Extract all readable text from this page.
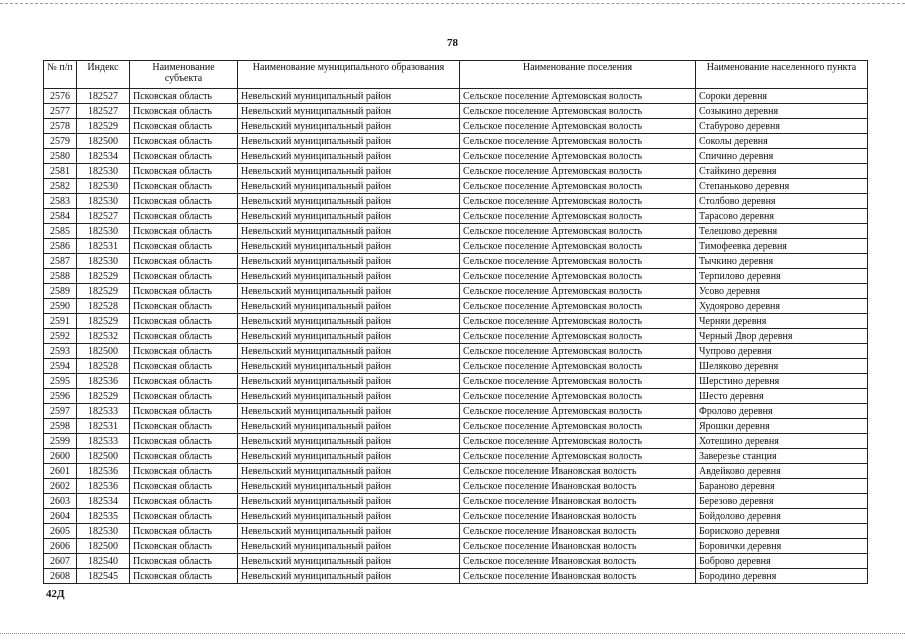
78
№ п/п	Индекс	Наименование субъекта	Наименование муниципального образования	Наименование поселения	Наименование населенного пункта
2576	182527	Псковская область	Невельский муниципальный район	Сельское поселение Артемовская волость	Сороки деревня
2577	182527	Псковская область	Невельский муниципальный район	Сельское поселение Артемовская волость	Созыкино деревня
2578	182529	Псковская область	Невельский муниципальный район	Сельское поселение Артемовская волость	Стабурово деревня
2579	182500	Псковская область	Невельский муниципальный район	Сельское поселение Артемовская волость	Соколы деревня
2580	182534	Псковская область	Невельский муниципальный район	Сельское поселение Артемовская волость	Спичино деревня
2581	182530	Псковская область	Невельский муниципальный район	Сельское поселение Артемовская волость	Стайкино деревня
2582	182530	Псковская область	Невельский муниципальный район	Сельское поселение Артемовская волость	Степаньково деревня
2583	182530	Псковская область	Невельский муниципальный район	Сельское поселение Артемовская волость	Столбово деревня
2584	182527	Псковская область	Невельский муниципальный район	Сельское поселение Артемовская волость	Тарасово деревня
2585	182530	Псковская область	Невельский муниципальный район	Сельское поселение Артемовская волость	Телешово деревня
2586	182531	Псковская область	Невельский муниципальный район	Сельское поселение Артемовская волость	Тимофеевка деревня
2587	182530	Псковская область	Невельский муниципальный район	Сельское поселение Артемовская волость	Тычкино деревня
2588	182529	Псковская область	Невельский муниципальный район	Сельское поселение Артемовская волость	Терпилово деревня
2589	182529	Псковская область	Невельский муниципальный район	Сельское поселение Артемовская волость	Усово деревня
2590	182528	Псковская область	Невельский муниципальный район	Сельское поселение Артемовская волость	Худоярово деревня
2591	182529	Псковская область	Невельский муниципальный район	Сельское поселение Артемовская волость	Черняи деревня
2592	182532	Псковская область	Невельский муниципальный район	Сельское поселение Артемовская волость	Черный Двор деревня
2593	182500	Псковская область	Невельский муниципальный район	Сельское поселение Артемовская волость	Чупрово деревня
2594	182528	Псковская область	Невельский муниципальный район	Сельское поселение Артемовская волость	Шеляково деревня
2595	182536	Псковская область	Невельский муниципальный район	Сельское поселение Артемовская волость	Шерстино деревня
2596	182529	Псковская область	Невельский муниципальный район	Сельское поселение Артемовская волость	Шесто деревня
2597	182533	Псковская область	Невельский муниципальный район	Сельское поселение Артемовская волость	Фролово деревня
2598	182531	Псковская область	Невельский муниципальный район	Сельское поселение Артемовская волость	Ярошки деревня
2599	182533	Псковская область	Невельский муниципальный район	Сельское поселение Артемовская волость	Хотешино деревня
2600	182500	Псковская область	Невельский муниципальный район	Сельское поселение Артемовская волость	Заверезье станция
2601	182536	Псковская область	Невельский муниципальный район	Сельское поселение Ивановская волость	Авдейково деревня
2602	182536	Псковская область	Невельский муниципальный район	Сельское поселение Ивановская волость	Бараново деревня
2603	182534	Псковская область	Невельский муниципальный район	Сельское поселение Ивановская волость	Березово деревня
2604	182535	Псковская область	Невельский муниципальный район	Сельское поселение Ивановская волость	Бойдолово деревня
2605	182530	Псковская область	Невельский муниципальный район	Сельское поселение Ивановская волость	Борисково деревня
2606	182500	Псковская область	Невельский муниципальный район	Сельское поселение Ивановская волость	Боровички деревня
2607	182540	Псковская область	Невельский муниципальный район	Сельское поселение Ивановская волость	Боброво деревня
2608	182545	Псковская область	Невельский муниципальный район	Сельское поселение Ивановская волость	Бородино деревня
42Д
